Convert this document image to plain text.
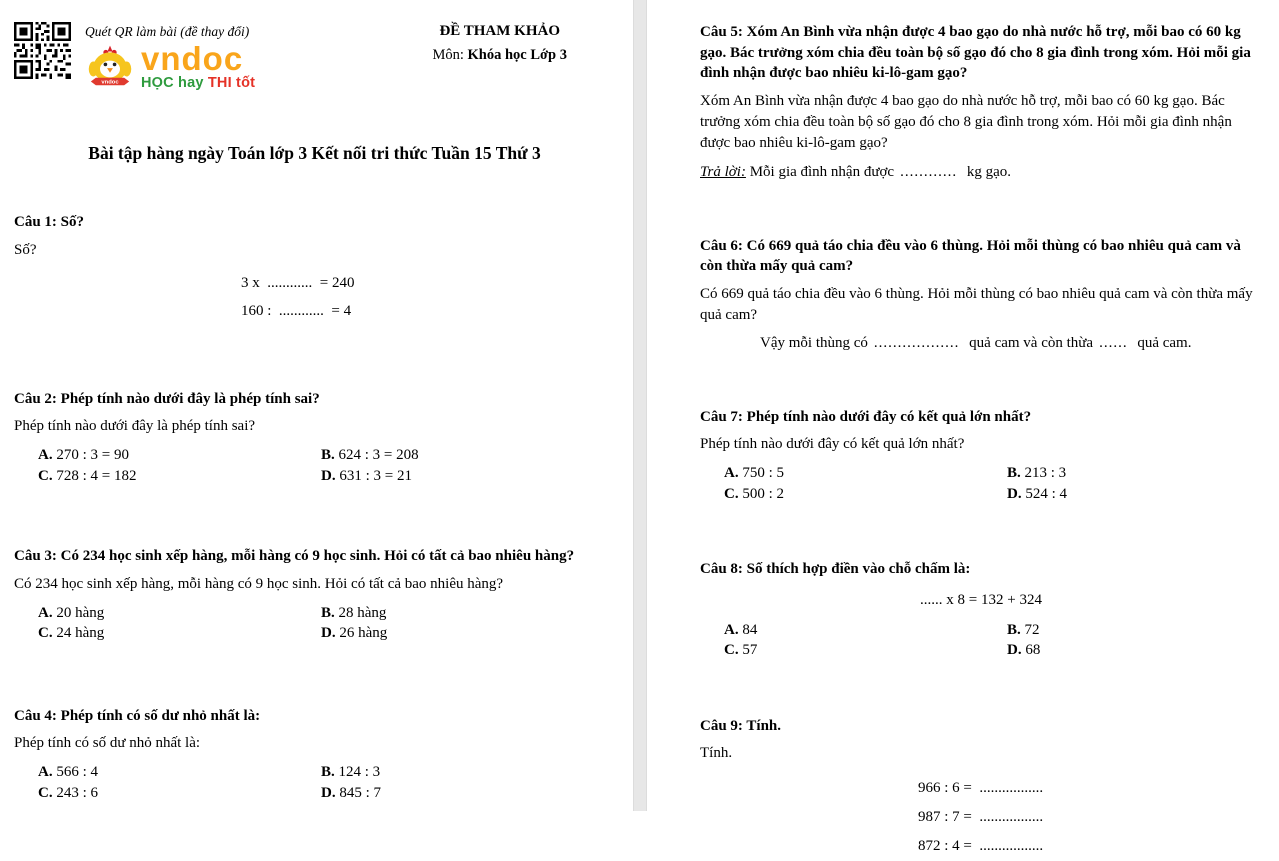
Quét QR làm bài (đề thay đổi)
vndoc
vndoc
HỌC hay THI tốt
ĐỀ THAM KHẢO
Môn: Khóa học Lớp 3
Bài tập hàng ngày Toán lớp 3 Kết nối tri thức Tuần 15 Thứ 3
Câu 1: Số?
Số?
3 x  ............  = 240
160 :  ............  = 4
Câu 2: Phép tính nào dưới đây là phép tính sai?
Phép tính nào dưới đây là phép tính sai?
A. 270 : 3 = 90	B. 624 : 3 = 208
C. 728 : 4 = 182	D. 631 : 3 = 21
Câu 3: Có 234 học sinh xếp hàng, mỗi hàng có 9 học sinh. Hỏi có tất cả bao nhiêu hàng?
Có 234 học sinh xếp hàng, mỗi hàng có 9 học sinh. Hỏi có tất cả bao nhiêu hàng?
A. 20 hàng	B. 28 hàng
C. 24 hàng	D. 26 hàng
Câu 4: Phép tính có số dư nhỏ nhất là:
Phép tính có số dư nhỏ nhất là:
A. 566 : 4	B. 124 : 3
C. 243 : 6	D. 845 : 7
Câu 5: Xóm An Bình vừa nhận được 4 bao gạo do nhà nước hỗ trợ, mỗi bao có 60 kg gạo. Bác trưởng xóm chia đều toàn bộ số gạo đó cho 8 gia đình trong xóm. Hỏi mỗi gia đình nhận được bao nhiêu ki-lô-gam gạo?
Xóm An Bình vừa nhận được 4 bao gạo do nhà nước hỗ trợ, mỗi bao có 60 kg gạo. Bác trưởng xóm chia đều toàn bộ số gạo đó cho 8 gia đình trong xóm. Hỏi mỗi gia đình nhận được bao nhiêu ki-lô-gam gạo?
Trả lời: Mỗi gia đình nhận được ............ kg gạo.
Câu 6: Có 669 quả táo chia đều vào 6 thùng. Hỏi mỗi thùng có bao nhiêu quả cam và còn thừa mấy quả cam?
Có 669 quả táo chia đều vào 6 thùng. Hỏi mỗi thùng có bao nhiêu quả cam và còn thừa mấy quả cam?
Vậy mỗi thùng có .................. quả cam và còn thừa ...... quả cam.
Câu 7: Phép tính nào dưới đây có kết quả lớn nhất?
Phép tính nào dưới đây có kết quả lớn nhất?
A. 750 : 5	B. 213 : 3
C. 500 : 2	D. 524 : 4
Câu 8: Số thích hợp điền vào chỗ chấm là:
...... x 8 = 132 + 324
A. 84	B. 72
C. 57	D. 68
Câu 9: Tính.
Tính.
966 : 6 =  .................
987 : 7 =  .................
872 : 4 =  .................
